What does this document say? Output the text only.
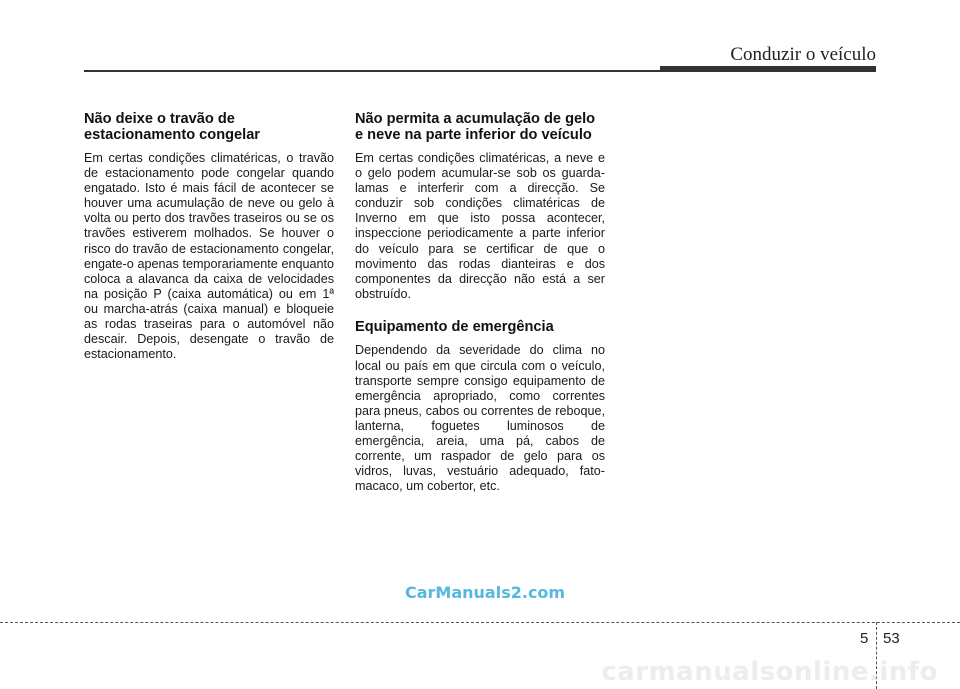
Conduzir o veículo
Não deixe o travão de estacionamento congelar

Em certas condições climatéricas, o travão de estacionamento pode congelar quando engatado. Isto é mais fácil de acontecer se houver uma acumulação de neve ou gelo à volta ou perto dos travões traseiros ou se os travões estiverem molhados. Se houver o risco do travão de estacionamento congelar, engate-o apenas temporariamente enquanto coloca a alavanca da caixa de velocidades na posição P (caixa automática) ou em 1ª ou marcha-atrás (caixa manual) e bloqueie as rodas traseiras para o automóvel não descair. Depois, desengate o travão de estacionamento.

Não permita a acumulação de gelo e neve na parte inferior do veículo

Em certas condições climatéricas, a neve e o gelo podem acumular-se sob os guarda-lamas e interferir com a direcção. Se conduzir sob condições climatéricas de Inverno em que isto possa acontecer, inspeccione periodicamente a parte inferior do veículo para se certificar de que o movimento das rodas dianteiras e dos componentes da direcção não está a ser obstruído.

Equipamento de emergência

Dependendo da severidade do clima no local ou país em que circula com o veículo, transporte sempre consigo equipamento de emergência apropriado, como correntes para pneus, cabos ou correntes de reboque, lanterna, foguetes luminosos de emergência, areia, uma pá, cabos de corrente, um raspador de gelo para os vidros, luvas, vestuário adequado, fato-macaco, um cobertor, etc.

CarManuals2.com
5 53
carmanualsonline.info
